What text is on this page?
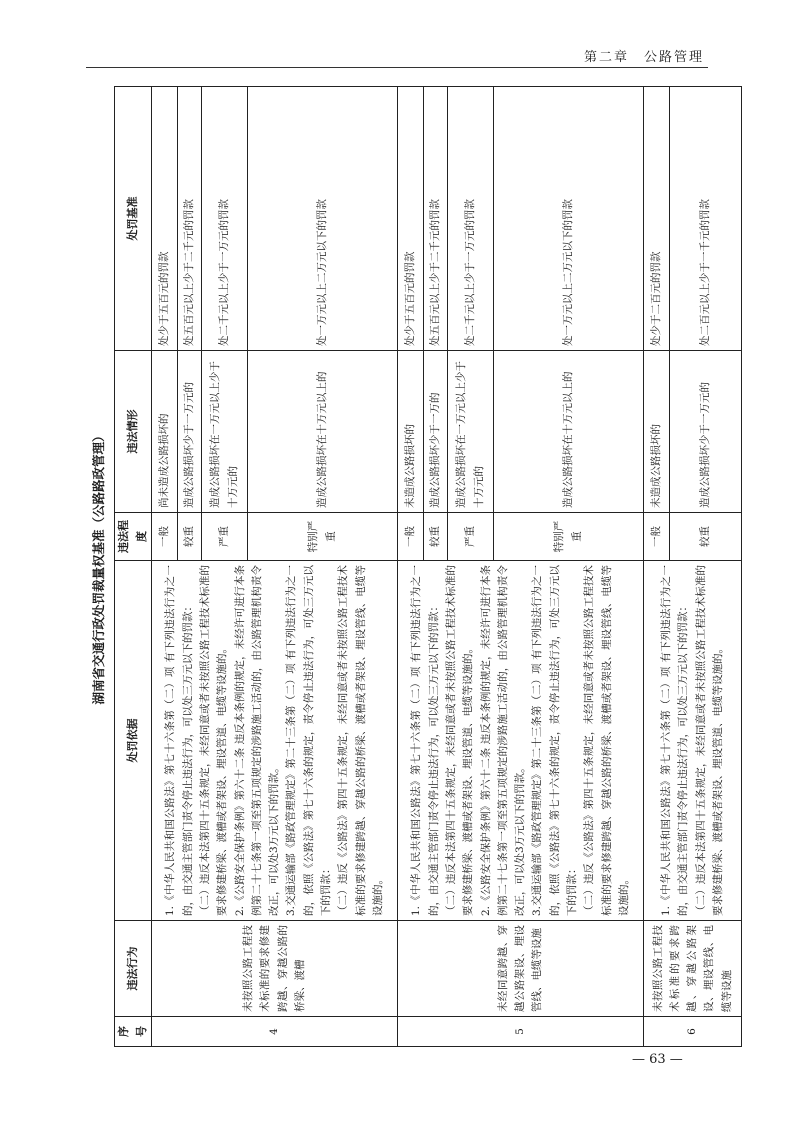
第二章　公路管理
湖南省交通行政处罚裁量权基准（公路路政管理）
序号	违法行为	处罚依据	违法程度	违法情形	处罚基准
4	未按照公路工程技术标准的要求修建跨越、穿越公路的桥梁、渡槽	1.《中华人民共和国公路法》第七十六条第（二）项 有下列违法行为之一的，由交通主管部门责令停止违法行为，可以处三万元以下的罚款： （二）违反本法第四十五条规定，未经同意或者未按照公路工程技术标准的要求修建桥梁、渡槽或者架设、埋设管道、电缆等设施的。 2.《公路安全保护条例》第六十二条 违反本条例的规定，未经许可进行本条例第二十七条第一项至第五项规定的涉路施工活动的，由公路管理机构责令改正，可以处3万元以下的罚款。 3.交通运输部《路政管理规定》第二十三条第（二）项 有下列违法行为之一的，依照《公路法》第七十六条的规定，责令停止违法行为，可处三万元以下的罚款： （二）违反《公路法》第四十五条规定，未经同意或者未按照公路工程技术标准的要求修建跨越、穿越公路的桥梁、渡槽或者架设、埋设管线、电缆等设施的。	一般	尚未造成公路损坏的	处少于五百元的罚款
			较重	造成公路损坏少于一万元的	处五百元以上少于二千元的罚款
			严重	造成公路损坏在一万元以上少于十万元的	处二千元以上少于一万元的罚款
			特别严重	造成公路损坏在十万元以上的	处一万元以上二万元以下的罚款
5	未经同意跨越、穿越公路架设、埋设管线、电缆等设施	1.《中华人民共和国公路法》第七十六条第（二）项 有下列违法行为之一的，由交通主管部门责令停止违法行为，可以处三万元以下的罚款： （二）违反本法第四十五条规定，未经同意或者未按照公路工程技术标准的要求修建桥梁、渡槽或者架设、埋设管道、电缆等设施的。 2.《公路安全保护条例》第六十二条 违反本条例的规定，未经许可进行本条例第二十七条第一项至第五项规定的涉路施工活动的，由公路管理机构责令改正，可以处3万元以下的罚款。 3.交通运输部《路政管理规定》第二十三条第（二）项 有下列违法行为之一的，依照《公路法》第七十六条的规定，责令停止违法行为，可处三万元以下的罚款： （二）违反《公路法》第四十五条规定，未经同意或者未按照公路工程技术标准的要求修建跨越、穿越公路的桥梁、渡槽或者架设、埋设管线、电缆等设施的。	一般	未造成公路损坏的	处少于五百元的罚款
			较重	造成公路损坏少于一万的	处五百元以上少于二千元的罚款
			严重	造成公路损坏在一万元以上少于十万元的	处二千元以上少于一万元的罚款
			特别严重	造成公路损坏在十万元以上的	处一万元以上二万元以下的罚款
6	未按照公路工程技术标准的要求跨越、穿越公路架设、埋设管线、电缆等设施	1.《中华人民共和国公路法》第七十六条第（二）项 有下列违法行为之一的，由交通主管部门责令停止违法行为，可以处三万元以下的罚款： （二）违反本法第四十五条规定，未经同意或者未按照公路工程技术标准的要求修建桥梁、渡槽或者架设、埋设管道、电缆等设施的。	一般	未造成公路损坏的	处少于二百元的罚款
			较重	造成公路损坏少于一万元的	处二百元以上少于一千元的罚款
— 63 —
